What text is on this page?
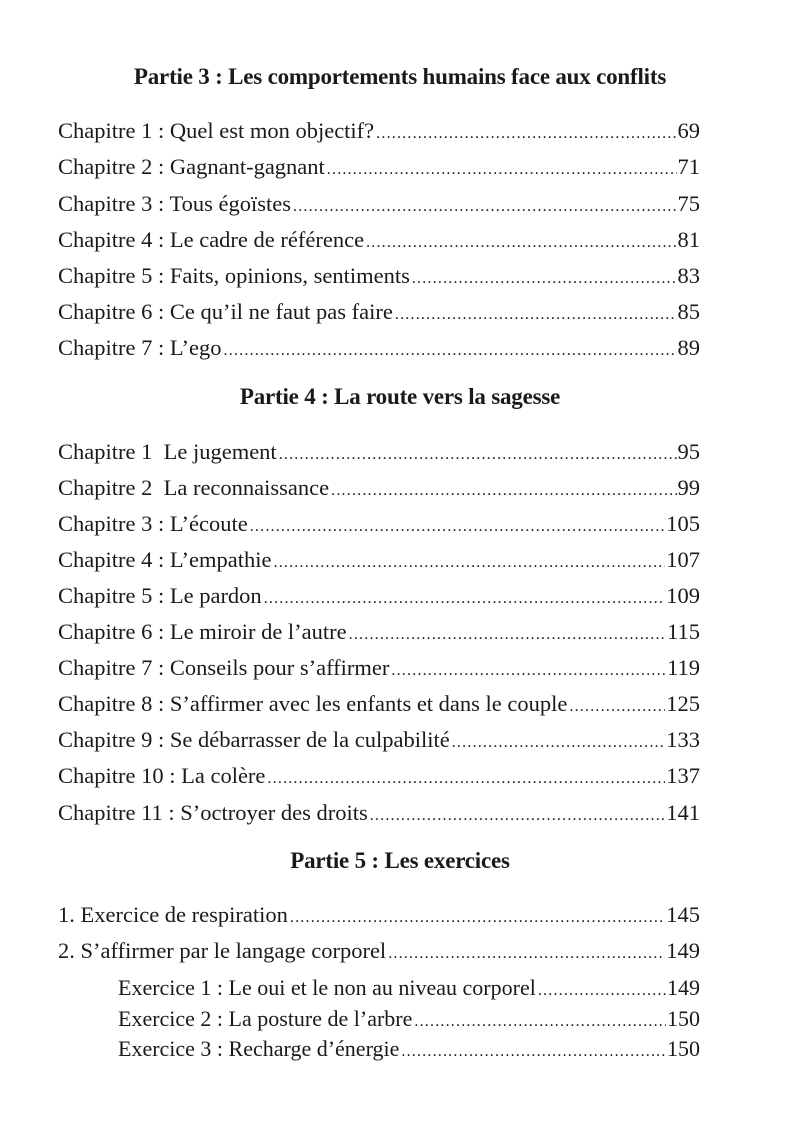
Partie 3 : Les comportements humains face aux conflits
Chapitre 1 : Quel est mon objectif? .....	69
Chapitre 2 : Gagnant-gagnant .....	71
Chapitre 3 : Tous égoïstes .....	75
Chapitre 4 : Le cadre de référence .....	81
Chapitre 5 : Faits, opinions, sentiments .....	83
Chapitre 6 : Ce qu’il ne faut pas faire .....	85
Chapitre 7 : L’ego .....	89
Partie 4 : La route vers la sagesse
Chapitre 1  Le jugement .....	95
Chapitre 2  La reconnaissance .....	99
Chapitre 3 : L’écoute .....	105
Chapitre 4 : L’empathie .....	107
Chapitre 5 : Le pardon .....	109
Chapitre 6 : Le miroir de l’autre .....	115
Chapitre 7 : Conseils pour s’affirmer .....	119
Chapitre 8 : S’affirmer avec les enfants et dans le couple .....	125
Chapitre 9 : Se débarrasser de la culpabilité .....	133
Chapitre 10 : La colère .....	137
Chapitre 11 : S’octroyer des droits .....	141
Partie 5 : Les exercices
1. Exercice de respiration .....	145
2. S’affirmer par le langage corporel .....	149
Exercice 1 : Le oui et le non au niveau corporel .....	149
Exercice 2 : La posture de l’arbre .....	150
Exercice 3 : Recharge d’énergie .....	150
